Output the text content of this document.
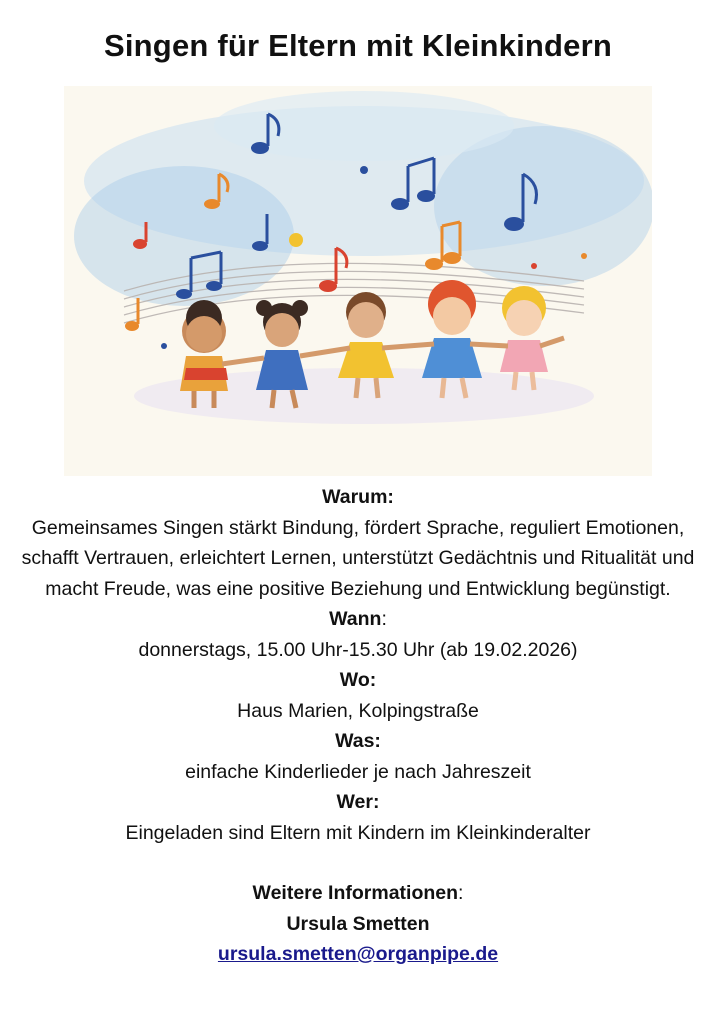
Singen für Eltern mit Kleinkindern
Warum:
Gemeinsames Singen stärkt Bindung, fördert Sprache, reguliert Emotionen, schafft Vertrauen, erleichtert Lernen, unterstützt Gedächtnis und Ritualität und macht Freude, was eine positive Beziehung und Entwicklung begünstigt.
Wann:
donnerstags, 15.00 Uhr-15.30 Uhr (ab 19.02.2026)
Wo:
Haus Marien, Kolpingstraße
Was:
einfache Kinderlieder je nach Jahreszeit
Wer:
Eingeladen sind Eltern mit Kindern im Kleinkinderalter
Weitere Informationen:
Ursula Smetten
ursula.smetten@organpipe.de
